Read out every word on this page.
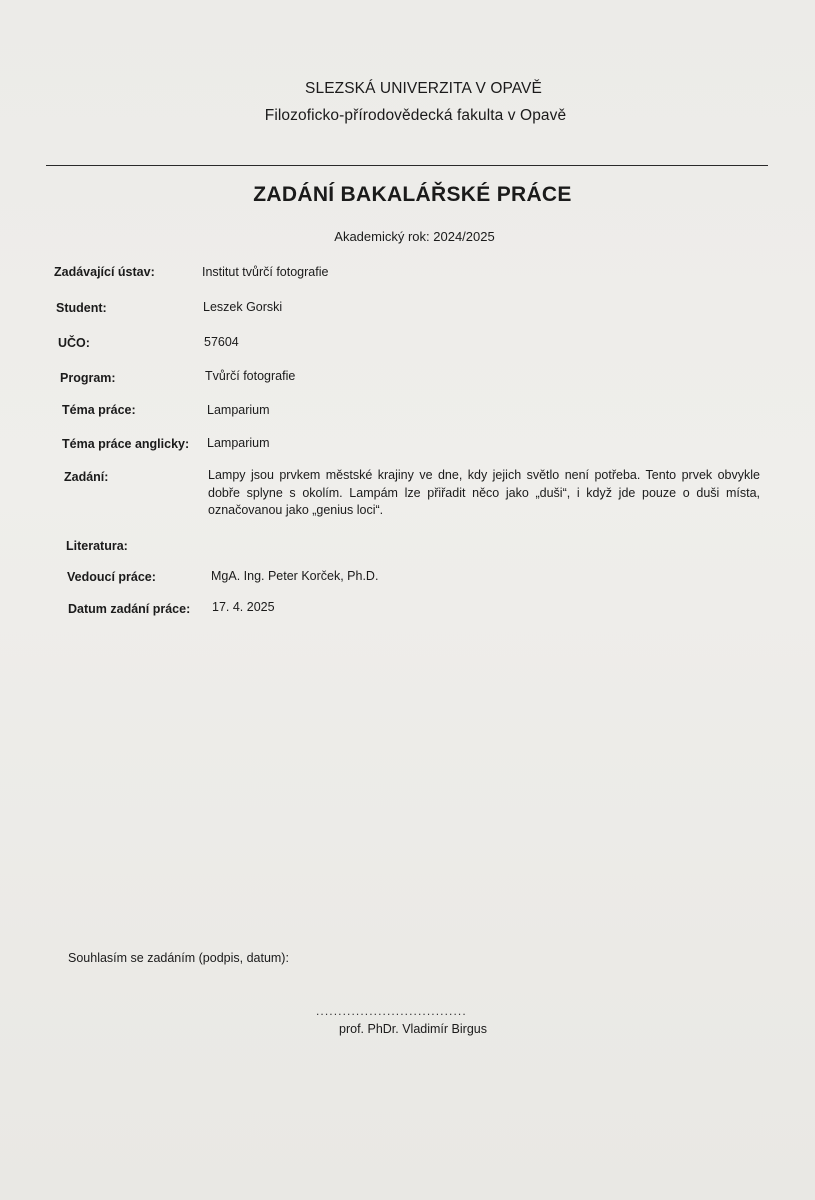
SLEZSKÁ UNIVERZITA V OPAVĚ
Filozoficko-přírodovědecká fakulta v Opavě
ZADÁNÍ BAKALÁŘSKÉ PRÁCE
Akademický rok: 2024/2025
Zadávající ústav:	Institut tvůrčí fotografie
Student:	Leszek Gorski
UČO:	57604
Program:	Tvůrčí fotografie
Téma práce:	Lamparium
Téma práce anglicky: Lamparium
Zadání:	Lampy jsou prvkem městské krajiny ve dne, kdy jejich světlo není potřeba. Tento prvek obvykle dobře splyne s okolím. Lampám lze přiřadit něco jako „duši“, i když jde pouze o duši místa, označovanou jako „genius loci“.
Literatura:
Vedoucí práce:	MgA. Ing. Peter Korček, Ph.D.
Datum zadání práce: 17. 4. 2025
Souhlasím se zadáním (podpis, datum):
..................................
prof. PhDr. Vladimír Birgus
